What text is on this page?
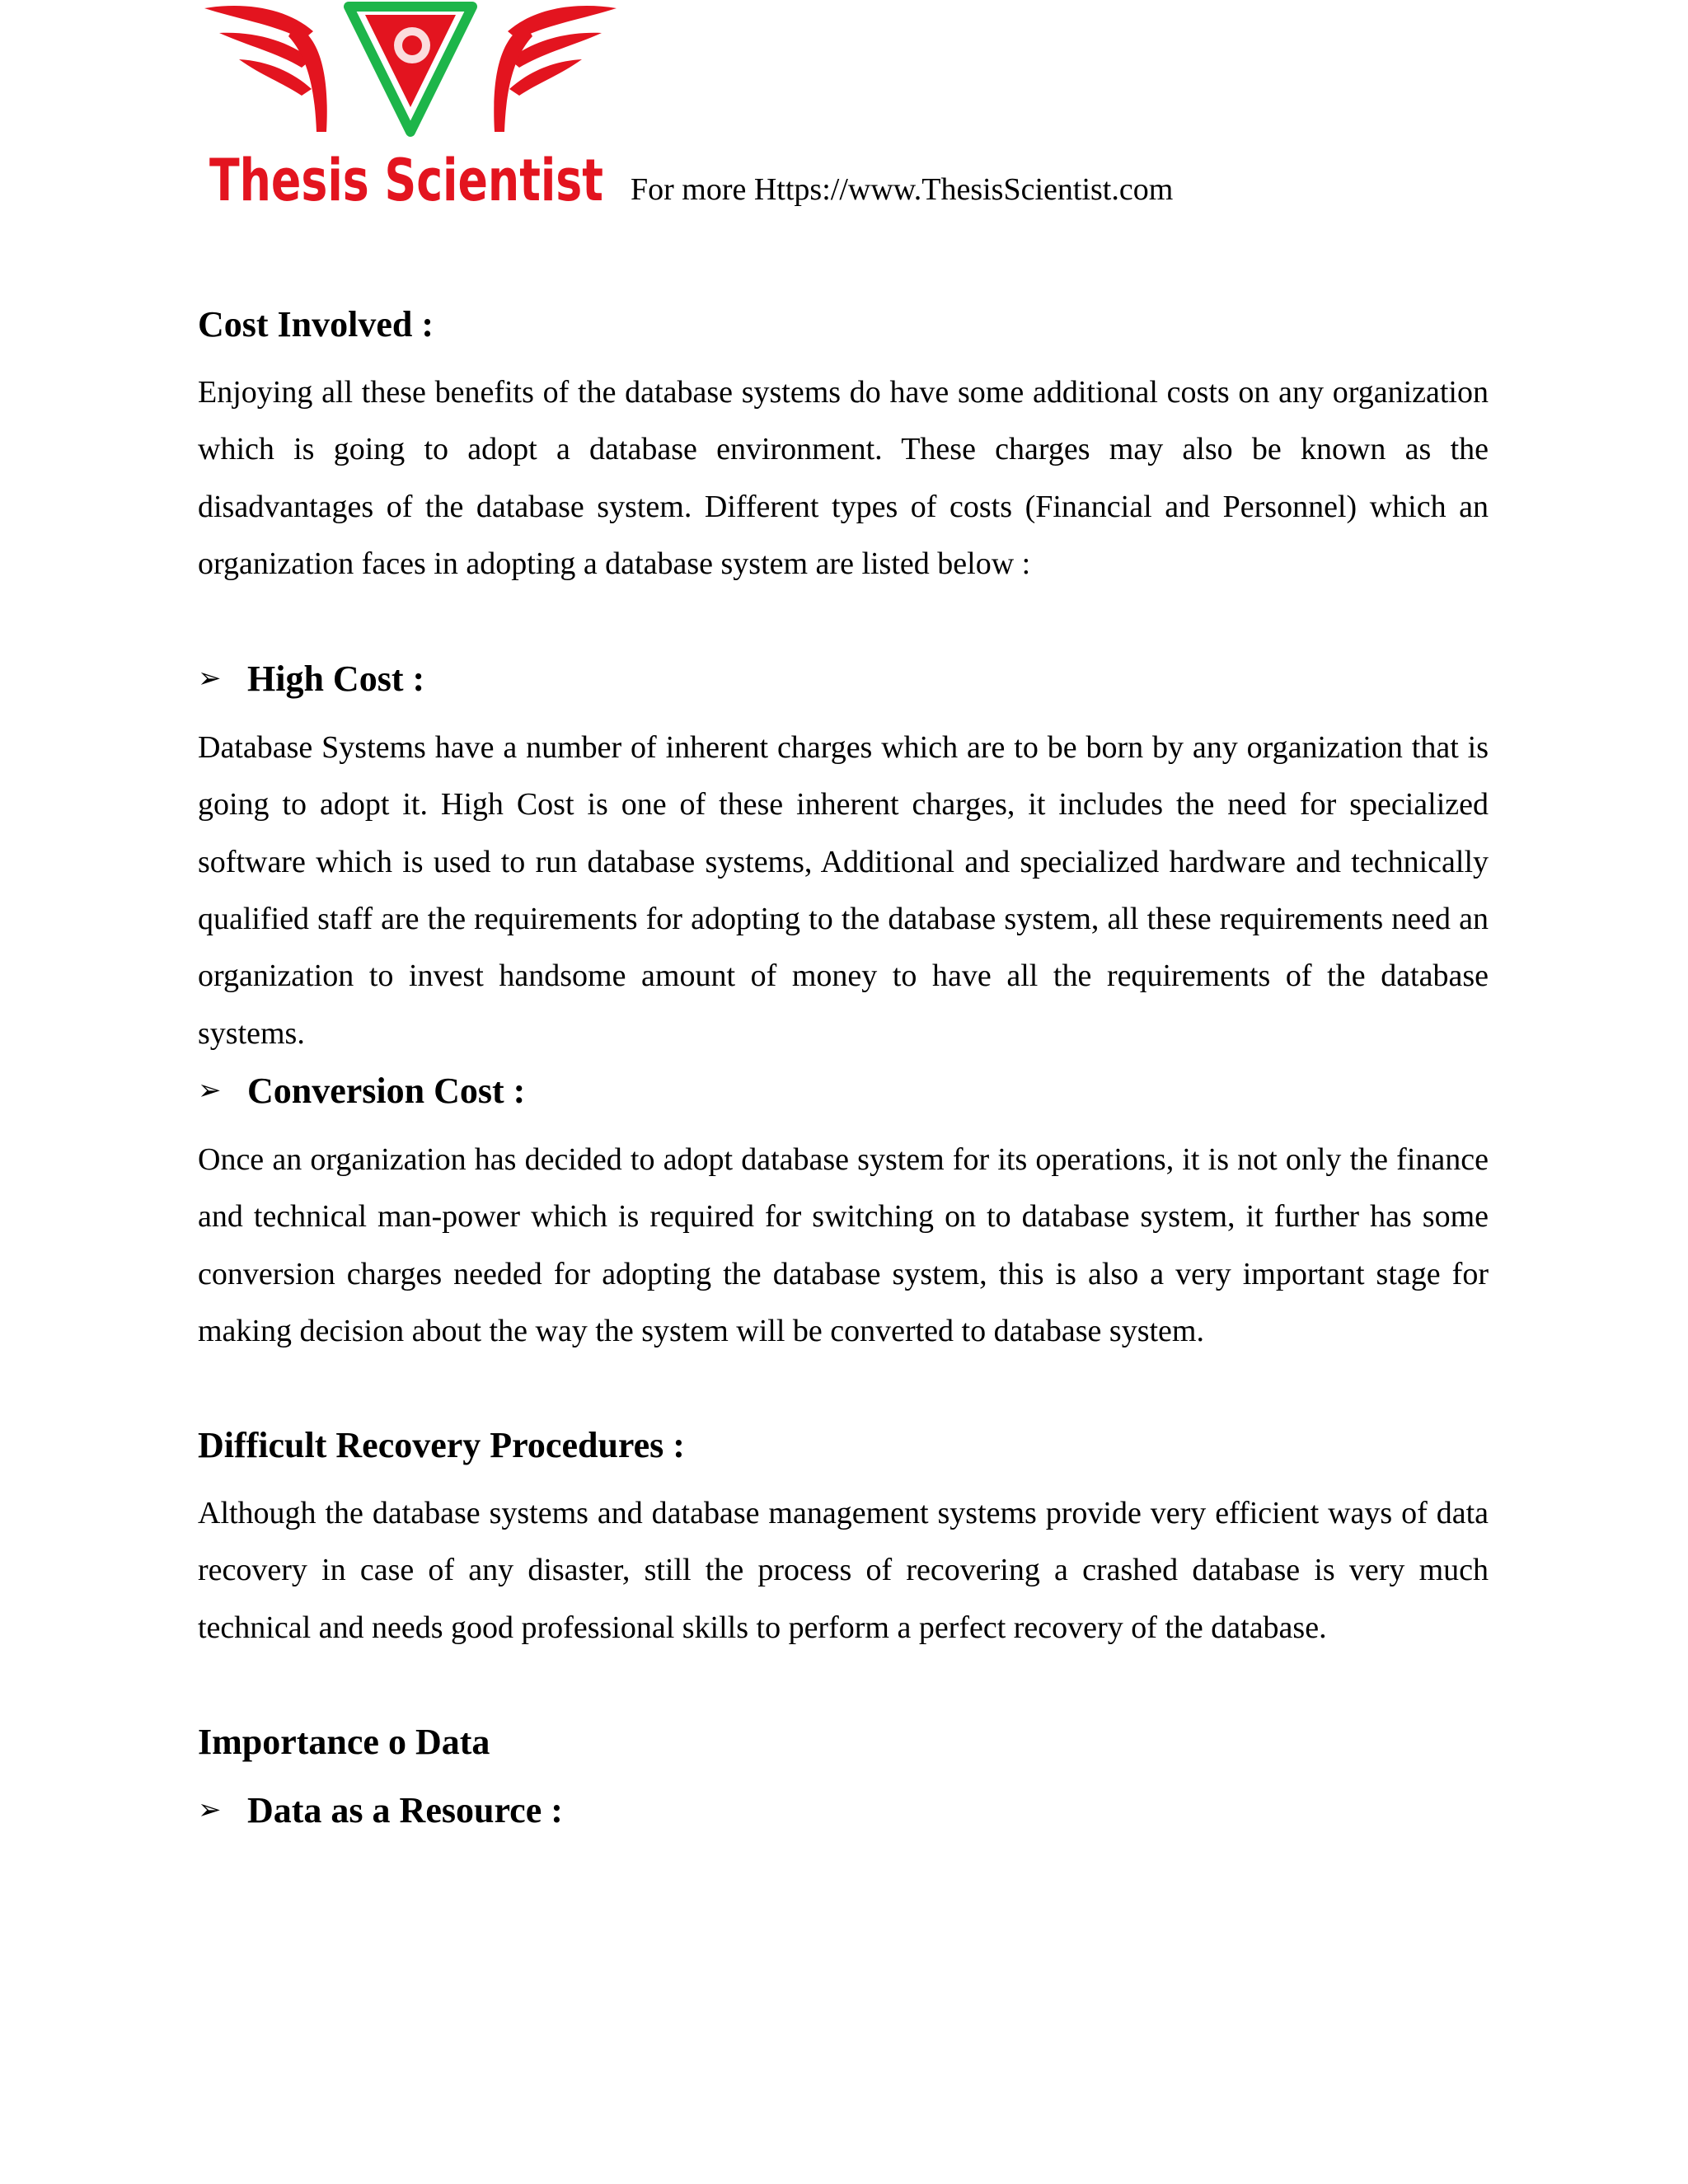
Thesis Scientist For more Https://www.ThesisScientist.com
Cost Involved :

Enjoying all these benefits of the database systems do have some additional costs on any organization which is going to adopt a database environment. These charges may also be known as the disadvantages of the database system. Different types of costs (Financial and Personnel) which an organization faces in adopting a database system are listed below :

➢ High Cost :

Database Systems have a number of inherent charges which are to be born by any organization that is going to adopt it. High Cost is one of these inherent charges, it includes the need for specialized software which is used to run database systems, Additional and specialized hardware and technically qualified staff are the requirements for adopting to the database system, all these requirements need an organization to invest handsome amount of money to have all the requirements of the database systems.

➢ Conversion Cost :

Once an organization has decided to adopt database system for its operations, it is not only the finance and technical man-power which is required for switching on to database system, it further has some conversion charges needed for adopting the database system, this is also a very important stage for making decision about the way the system will be converted to database system.

Difficult Recovery Procedures :

Although the database systems and database management systems provide very efficient ways of data recovery in case of any disaster, still the process of recovering a crashed database is very much technical and needs good professional skills to perform a perfect recovery of the database.

Importance o Data
➢ Data as a Resource :
